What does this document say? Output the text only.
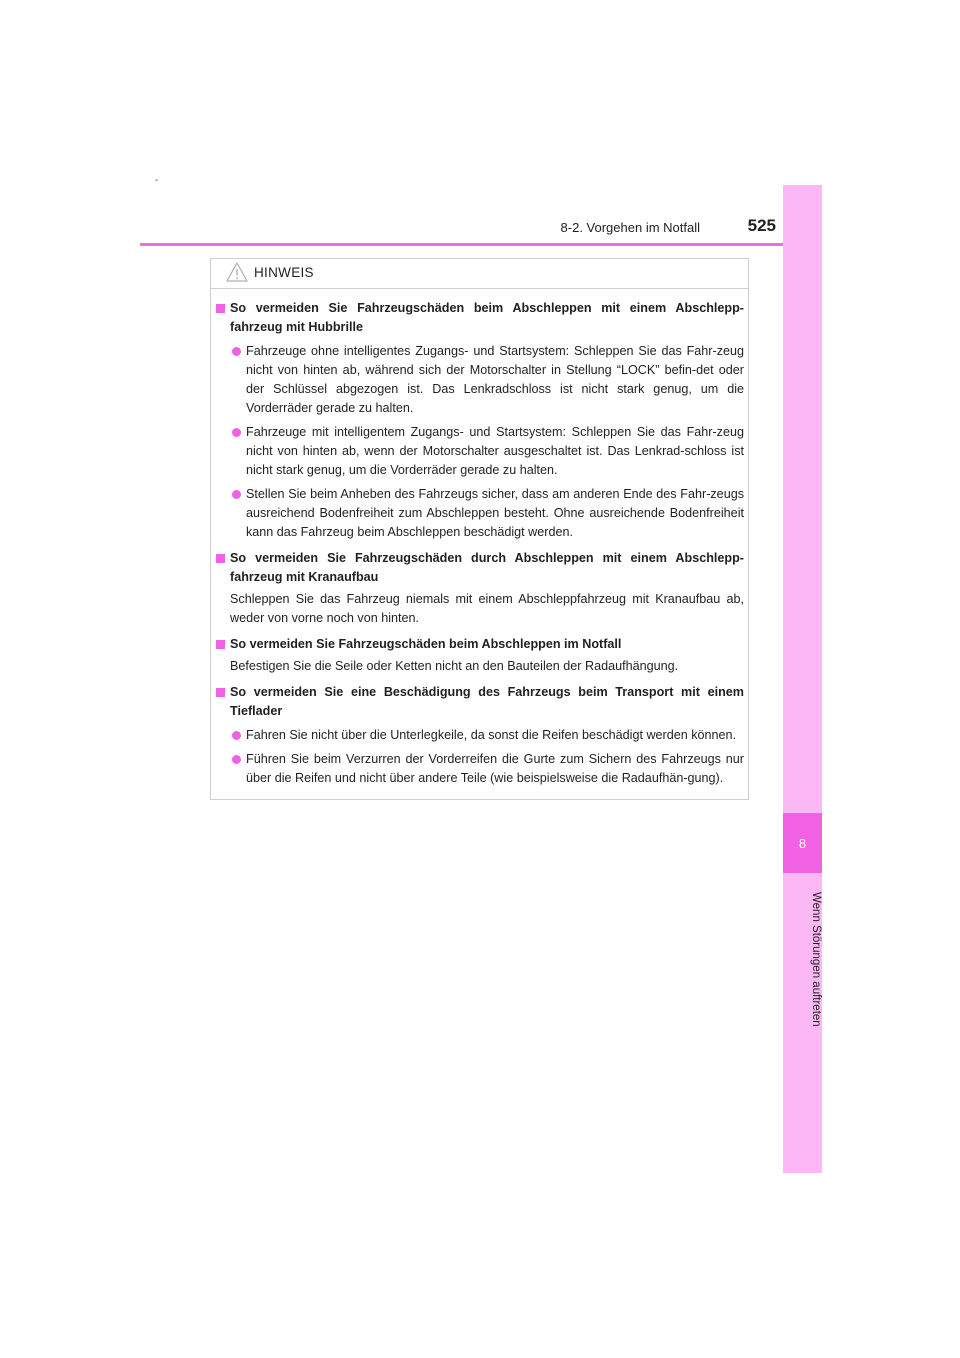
-
8-2. Vorgehen im Notfall	525
8
Wenn Störungen auftreten
HINWEIS
So vermeiden Sie Fahrzeugschäden beim Abschleppen mit einem Abschlepp-fahrzeug mit Hubbrille
Fahrzeuge ohne intelligentes Zugangs- und Startsystem: Schleppen Sie das Fahr-zeug nicht von hinten ab, während sich der Motorschalter in Stellung “LOCK” befin-det oder der Schlüssel abgezogen ist. Das Lenkradschloss ist nicht stark genug, um die Vorderräder gerade zu halten.
Fahrzeuge mit intelligentem Zugangs- und Startsystem: Schleppen Sie das Fahr-zeug nicht von hinten ab, wenn der Motorschalter ausgeschaltet ist. Das Lenkrad-schloss ist nicht stark genug, um die Vorderräder gerade zu halten.
Stellen Sie beim Anheben des Fahrzeugs sicher, dass am anderen Ende des Fahr-zeugs ausreichend Bodenfreiheit zum Abschleppen besteht. Ohne ausreichende Bodenfreiheit kann das Fahrzeug beim Abschleppen beschädigt werden.
So vermeiden Sie Fahrzeugschäden durch Abschleppen mit einem Abschlepp-fahrzeug mit Kranaufbau
Schleppen Sie das Fahrzeug niemals mit einem Abschleppfahrzeug mit Kranaufbau ab, weder von vorne noch von hinten.
So vermeiden Sie Fahrzeugschäden beim Abschleppen im Notfall
Befestigen Sie die Seile oder Ketten nicht an den Bauteilen der Radaufhängung.
So vermeiden Sie eine Beschädigung des Fahrzeugs beim Transport mit einem Tieflader
Fahren Sie nicht über die Unterlegkeile, da sonst die Reifen beschädigt werden können.
Führen Sie beim Verzurren der Vorderreifen die Gurte zum Sichern des Fahrzeugs nur über die Reifen und nicht über andere Teile (wie beispielsweise die Radaufhän-gung).
